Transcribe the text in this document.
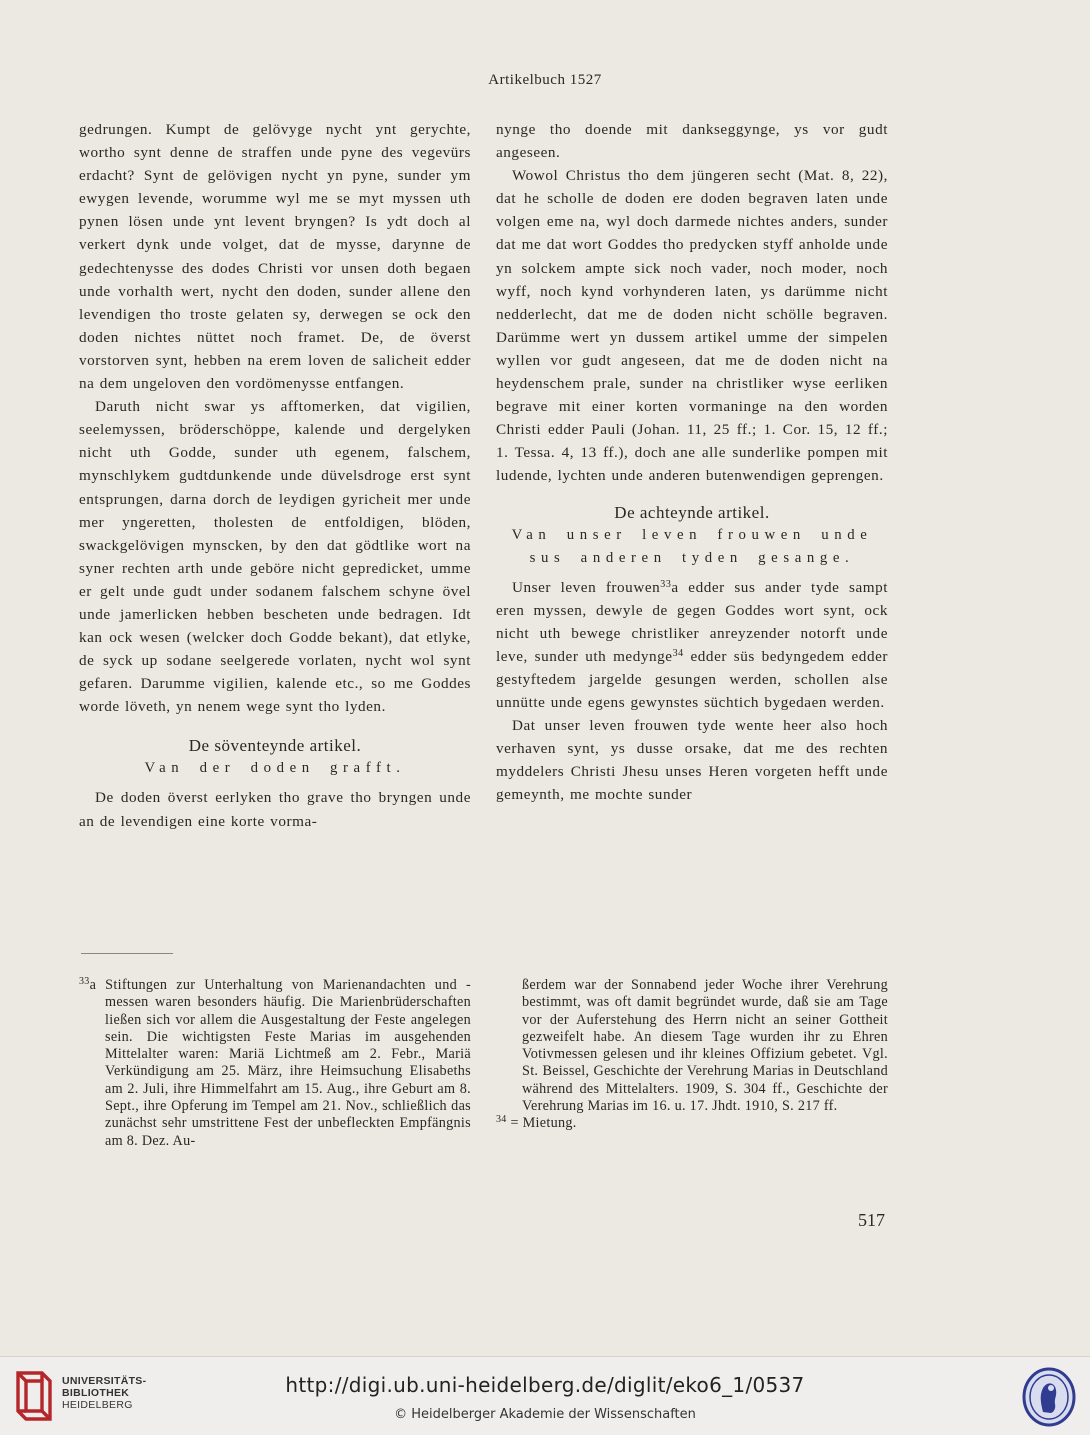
Artikelbuch 1527

gedrungen. Kumpt de gelövyge nycht ynt gerychte, wortho synt denne de straffen unde pyne des vegevürs erdacht? Synt de gelövigen nycht yn pyne, sunder ym ewygen levende, worumme wyl me se myt myssen uth pynen lösen unde ynt levent bryngen? Is ydt doch al verkert dynk unde volget, dat de mysse, darynne de gedechtenysse des dodes Christi vor unsen doth begaen unde vorhalth wert, nycht den doden, sunder allene den levendigen tho troste gelaten sy, derwegen se ock den doden nichtes nüttet noch framet. De, de överst vorstorven synt, hebben na erem loven de salicheit edder na dem ungeloven den vordömenysse entfangen.

Daruth nicht swar ys afftomerken, dat vigilien, seelemyssen, bröderschöppe, kalende und dergelyken nicht uth Godde, sunder uth egenem, falschem, mynschlykem gudtdunkende unde düvelsdroge erst synt entsprungen, darna dorch de leydigen gyricheit mer unde mer yngeretten, tholesten de entfoldigen, blöden, swackgelövigen mynscken, by den dat gödtlike wort na syner rechten arth unde geböre nicht gepredicket, umme er gelt unde gudt under sodanem falschem schyne övel unde jamerlicken hebben bescheten unde bedragen. Idt kan ock wesen (welcker doch Godde bekant), dat etlyke, de syck up sodane seelgerede vorlaten, nycht wol synt gefaren. Darumme vigilien, kalende etc., so me Goddes worde löveth, yn nenem wege synt tho lyden.

De söventeynde artikel.
Van der doden grafft.

De doden överst eerlyken tho grave tho bryngen unde an de levendigen eine korte vorma-

nynge tho doende mit dankseggynge, ys vor gudt angeseen.

Wowol Christus tho dem jüngeren secht (Mat. 8, 22), dat he scholle de doden ere doden begraven laten unde volgen eme na, wyl doch darmede nichtes anders, sunder dat me dat wort Goddes tho predycken styff anholde unde yn solckem ampte sick noch vader, noch moder, noch wyff, noch kynd vorhynderen laten, ys darümme nicht nedderlecht, dat me de doden nicht schölle begraven. Darümme wert yn dussem artikel umme der simpelen wyllen vor gudt angeseen, dat me de doden nicht na heydenschem prale, sunder na christliker wyse eerliken begrave mit einer korten vormaninge na den worden Christi edder Pauli (Johan. 11, 25 ff.; 1. Cor. 15, 12 ff.; 1. Tessa. 4, 13 ff.), doch ane alle sunderlike pompen mit ludende, lychten unde anderen butenwendigen geprengen.

De achteynde artikel.
Van unser leven frouwen unde sus anderen tyden gesange.

Unser leven frouwen$^{33}$a edder sus ander tyde sampt eren myssen, dewyle de gegen Goddes wort synt, ock nicht uth bewege christliker anreyzender notorft unde leve, sunder uth medynge$^{34}$ edder süs bedyngedem edder gestyftedem jargelde gesungen werden, schollen alse unnütte unde egens gewynstes süchtich bygedaen werden.

Dat unser leven frouwen tyde wente heer also hoch verhaven synt, ys dusse orsake, dat me des rechten myddelers Christi Jhesu unses Heren vorgeten hefft unde gemeynth, me mochte sunder

$^{33}$a Stiftungen zur Unterhaltung von Marienandachten und -messen waren besonders häufig. Die Marienbrüderschaften ließen sich vor allem die Ausgestaltung der Feste angelegen sein. Die wichtigsten Feste Marias im ausgehenden Mittelalter waren: Mariä Lichtmeß am 2. Febr., Mariä Verkündigung am 25. März, ihre Heimsuchung Elisabeths am 2. Juli, ihre Himmelfahrt am 15. Aug., ihre Geburt am 8. Sept., ihre Opferung im Tempel am 21. Nov., schließlich das zunächst sehr umstrittene Fest der unbefleckten Empfängnis am 8. Dez. Au-

ßerdem war der Sonnabend jeder Woche ihrer Verehrung bestimmt, was oft damit begründet wurde, daß sie am Tage vor der Auferstehung des Herrn nicht an seiner Gottheit gezweifelt habe. An diesem Tage wurden ihr zu Ehren Votivmessen gelesen und ihr kleines Offizium gebetet. Vgl. St. Beissel, Geschichte der Verehrung Marias in Deutschland während des Mittelalters. 1909, S. 304 ff., Geschichte der Verehrung Marias im 16. u. 17. Jhdt. 1910, S. 217 ff.

$^{34}$ = Mietung.

517
UNIVERSITÄTS-
BIBLIOTHEK
HEIDELBERG
http://digi.ub.uni-heidelberg.de/diglit/eko6_1/0537
© Heidelberger Akademie der Wissenschaften
